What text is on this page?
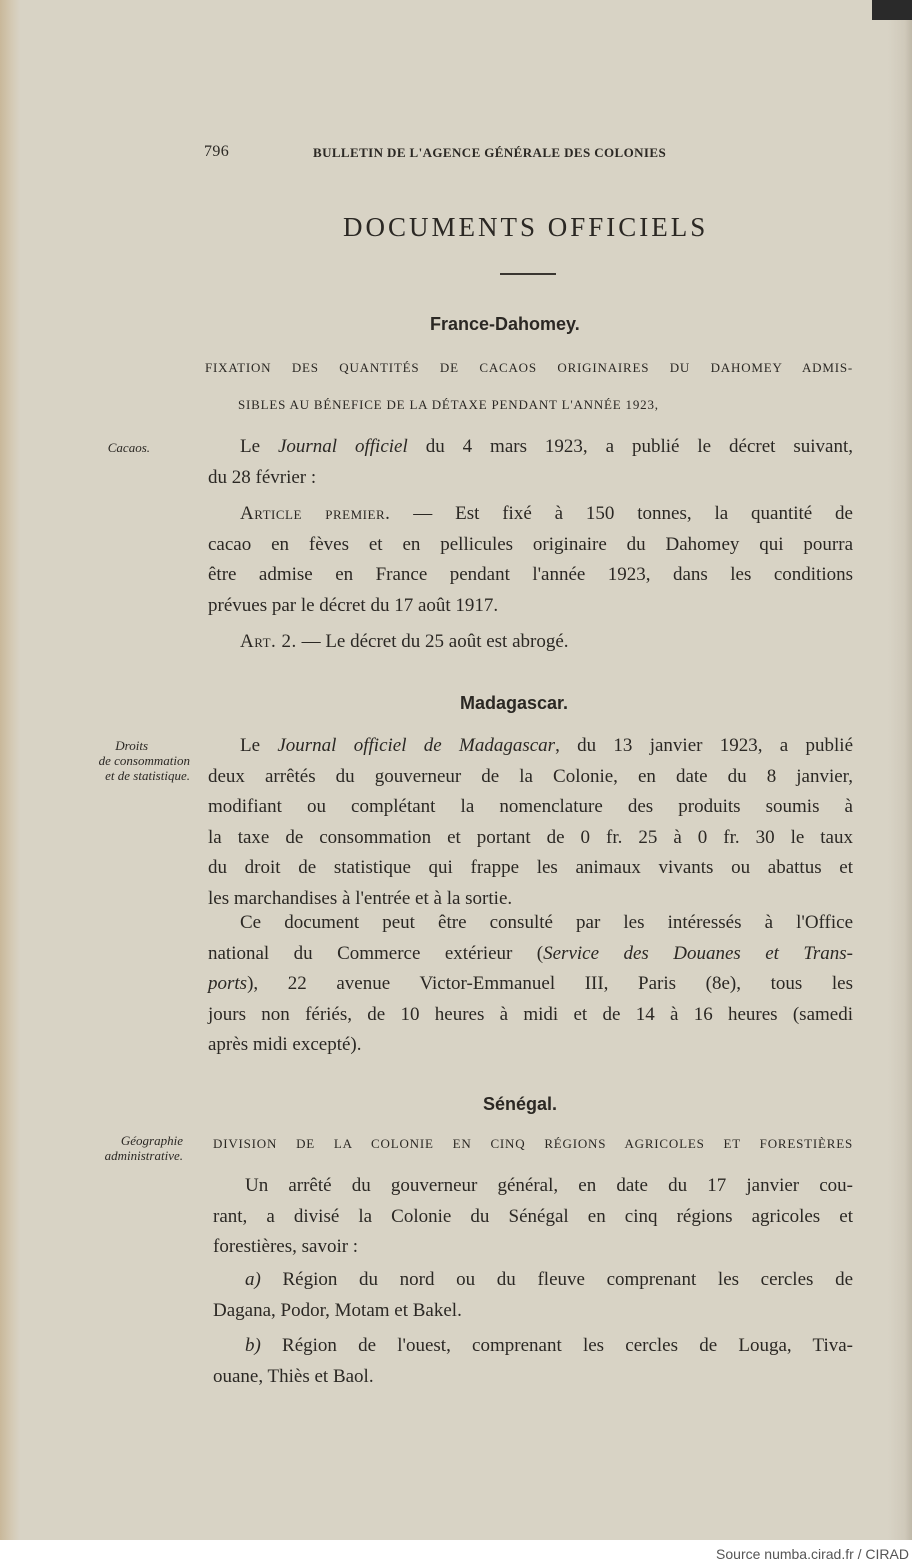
796	BULLETIN DE L'AGENCE GÉNÉRALE DES COLONIES
DOCUMENTS OFFICIELS
France-Dahomey.
FIXATION DES QUANTITÉS DE CACAOS ORIGINAIRES DU DAHOMEY ADMIS-
SIBLES AU BÉNEFICE DE LA DÉTAXE PENDANT L'ANNÉE 1923,
Cacaos.	Le Journal officiel du 4 mars 1923, a publié le décret suivant,
du 28 février :
Article premier. — Est fixé à 150 tonnes, la quantité de
cacao en fèves et en pellicules originaire du Dahomey qui pourra
être admise en France pendant l'année 1923, dans les conditions
prévues par le décret du 17 août 1917.
Art. 2. — Le décret du 25 août est abrogé.
Madagascar.
Droits
de consommation
et de statistique.
Le Journal officiel de Madagascar, du 13 janvier 1923, a publié
deux arrêtés du gouverneur de la Colonie, en date du 8 janvier,
modifiant ou complétant la nomenclature des produits soumis à
la taxe de consommation et portant de 0 fr. 25 à 0 fr. 30 le taux
du droit de statistique qui frappe les animaux vivants ou abattus et
les marchandises à l'entrée et à la sortie.
Ce document peut être consulté par les intéressés à l'Office
national du Commerce extérieur (Service des Douanes et Trans-
ports), 22 avenue Victor-Emmanuel III, Paris (8e), tous les
jours non fériés, de 10 heures à midi et de 14 à 16 heures (samedi
après midi excepté).
Sénégal.
Géographie
administrative.
DIVISION DE LA COLONIE EN CINQ RÉGIONS AGRICOLES ET FORESTIÈRES
Un arrêté du gouverneur général, en date du 17 janvier cou-
rant, a divisé la Colonie du Sénégal en cinq régions agricoles et
forestières, savoir :
a) Région du nord ou du fleuve comprenant les cercles de
Dagana, Podor, Motam et Bakel.
b) Région de l'ouest, comprenant les cercles de Louga, Tiva-
ouane, Thiès et Baol.
Source numba.cirad.fr / CIRAD
